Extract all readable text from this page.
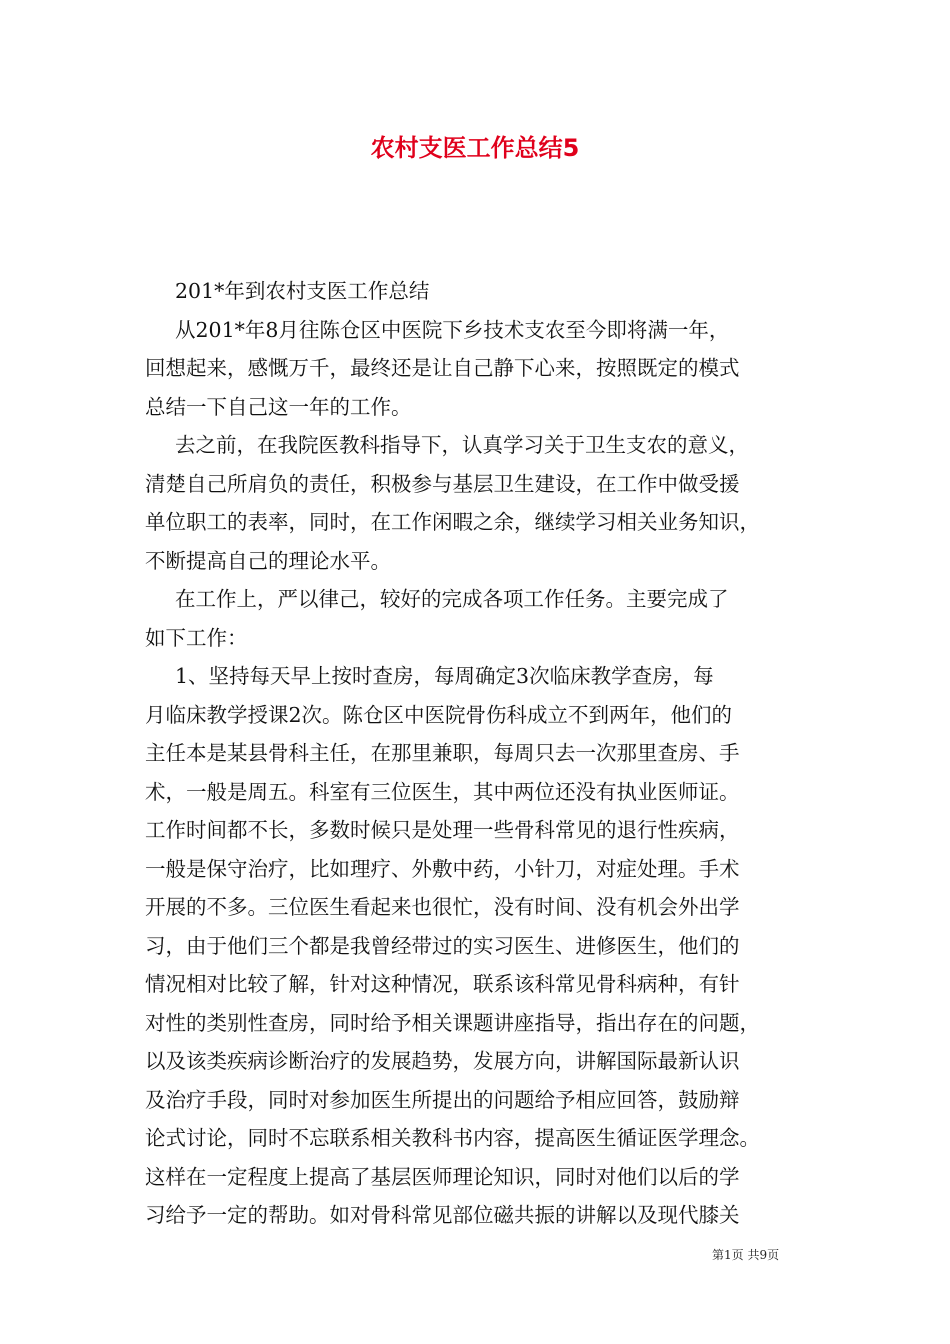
农村支医工作总结5
201*年到农村支医工作总结
从201*年8月往陈仓区中医院下乡技术支农至今即将满一年，
回想起来，感慨万千，最终还是让自己静下心来，按照既定的模式
总结一下自己这一年的工作。
去之前，在我院医教科指导下，认真学习关于卫生支农的意义，
清楚自己所肩负的责任，积极参与基层卫生建设，在工作中做受援
单位职工的表率，同时，在工作闲暇之余，继续学习相关业务知识，
不断提高自己的理论水平。
在工作上，严以律己，较好的完成各项工作任务。主要完成了
如下工作：
1、坚持每天早上按时查房，每周确定3次临床教学查房，每
月临床教学授课2次。陈仓区中医院骨伤科成立不到两年，他们的
主任本是某县骨科主任，在那里兼职，每周只去一次那里查房、手
术，一般是周五。科室有三位医生，其中两位还没有执业医师证。
工作时间都不长，多数时候只是处理一些骨科常见的退行性疾病，
一般是保守治疗，比如理疗、外敷中药，小针刀，对症处理。手术
开展的不多。三位医生看起来也很忙，没有时间、没有机会外出学
习，由于他们三个都是我曾经带过的实习医生、进修医生，他们的
情况相对比较了解，针对这种情况，联系该科常见骨科病种，有针
对性的类别性查房，同时给予相关课题讲座指导，指出存在的问题，
以及该类疾病诊断治疗的发展趋势，发展方向，讲解国际最新认识
及治疗手段，同时对参加医生所提出的问题给予相应回答，鼓励辩
论式讨论，同时不忘联系相关教科书内容，提高医生循证医学理念。
这样在一定程度上提高了基层医师理论知识，同时对他们以后的学
习给予一定的帮助。如对骨科常见部位磁共振的讲解以及现代膝关
第1页 共9页
